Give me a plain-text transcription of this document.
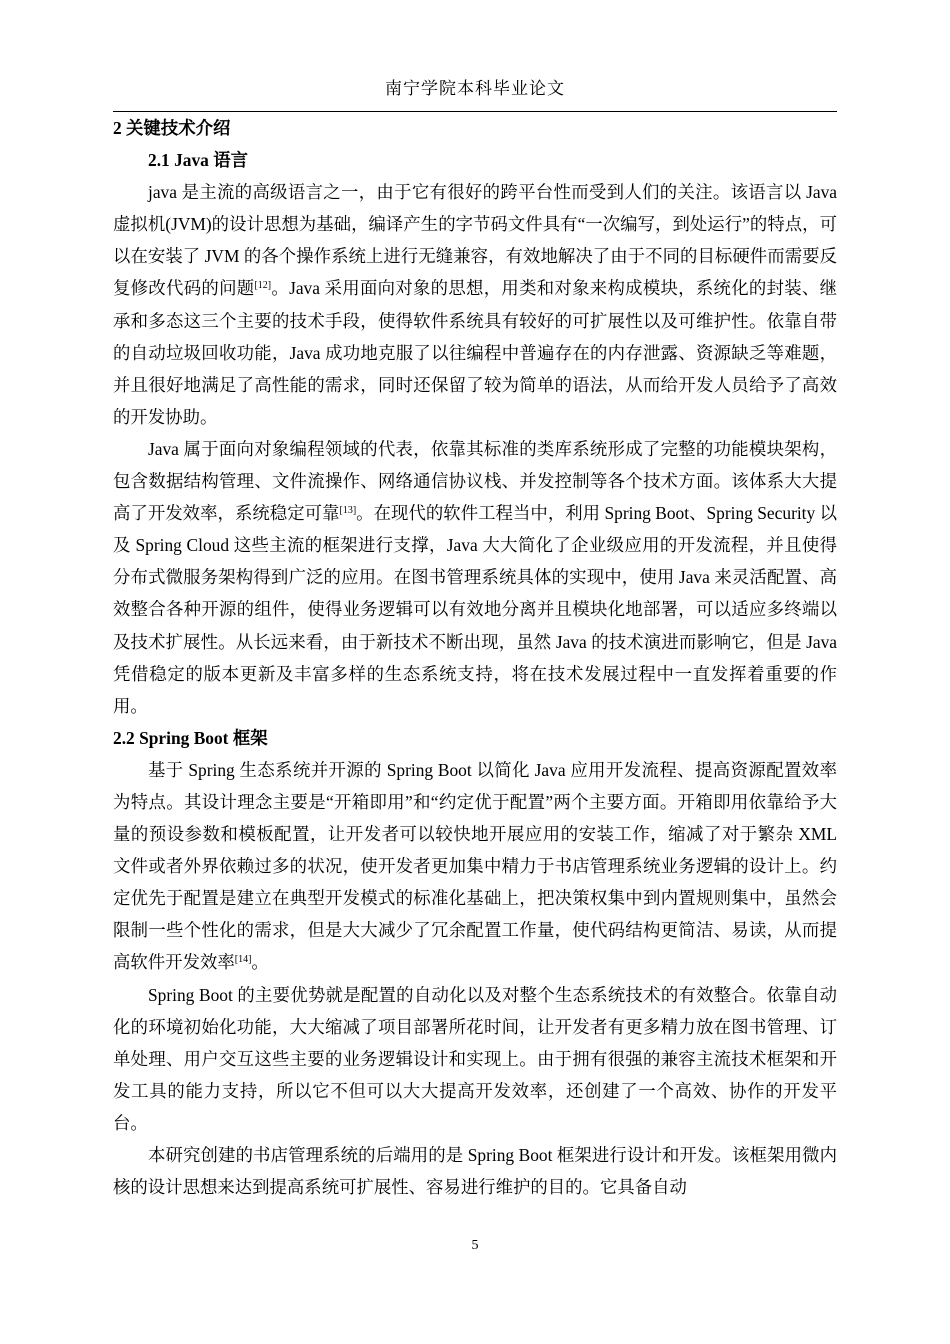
南宁学院本科毕业论文
2 关键技术介绍
2.1 Java 语言

java 是主流的高级语言之一，由于它有很好的跨平台性而受到人们的关注。该语言以 Java 虚拟机(JVM)的设计思想为基础，编译产生的字节码文件具有“一次编写，到处运行”的特点，可以在安装了 JVM 的各个操作系统上进行无缝兼容，有效地解决了由于不同的目标硬件而需要反复修改代码的问题[12]。Java 采用面向对象的思想，用类和对象来构成模块，系统化的封装、继承和多态这三个主要的技术手段，使得软件系统具有较好的可扩展性以及可维护性。依靠自带的自动垃圾回收功能，Java 成功地克服了以往编程中普遍存在的内存泄露、资源缺乏等难题，并且很好地满足了高性能的需求，同时还保留了较为简单的语法，从而给开发人员给予了高效的开发协助。

Java 属于面向对象编程领域的代表，依靠其标准的类库系统形成了完整的功能模块架构，包含数据结构管理、文件流操作、网络通信协议栈、并发控制等各个技术方面。该体系大大提高了开发效率，系统稳定可靠[13]。在现代的软件工程当中，利用 Spring Boot、Spring Security 以及 Spring Cloud 这些主流的框架进行支撑，Java 大大简化了企业级应用的开发流程，并且使得分布式微服务架构得到广泛的应用。在图书管理系统具体的实现中，使用 Java 来灵活配置、高效整合各种开源的组件，使得业务逻辑可以有效地分离并且模块化地部署，可以适应多终端以及技术扩展性。从长远来看，由于新技术不断出现，虽然 Java 的技术演进而影响它，但是 Java 凭借稳定的版本更新及丰富多样的生态系统支持，将在技术发展过程中一直发挥着重要的作用。

2.2 Spring Boot 框架

基于 Spring 生态系统并开源的 Spring Boot 以简化 Java 应用开发流程、提高资源配置效率为特点。其设计理念主要是“开箱即用”和“约定优于配置”两个主要方面。开箱即用依靠给予大量的预设参数和模板配置，让开发者可以较快地开展应用的安装工作，缩减了对于繁杂 XML 文件或者外界依赖过多的状况，使开发者更加集中精力于书店管理系统业务逻辑的设计上。约定优先于配置是建立在典型开发模式的标准化基础上，把决策权集中到内置规则集中，虽然会限制一些个性化的需求，但是大大减少了冗余配置工作量，使代码结构更简洁、易读，从而提高软件开发效率[14]。

Spring Boot 的主要优势就是配置的自动化以及对整个生态系统技术的有效整合。依靠自动化的环境初始化功能，大大缩减了项目部署所花时间，让开发者有更多精力放在图书管理、订单处理、用户交互这些主要的业务逻辑设计和实现上。由于拥有很强的兼容主流技术框架和开发工具的能力支持，所以它不但可以大大提高开发效率，还创建了一个高效、协作的开发平台。

本研究创建的书店管理系统的后端用的是 Spring Boot 框架进行设计和开发。该框架用微内核的设计思想来达到提高系统可扩展性、容易进行维护的目的。它具备自动

5
